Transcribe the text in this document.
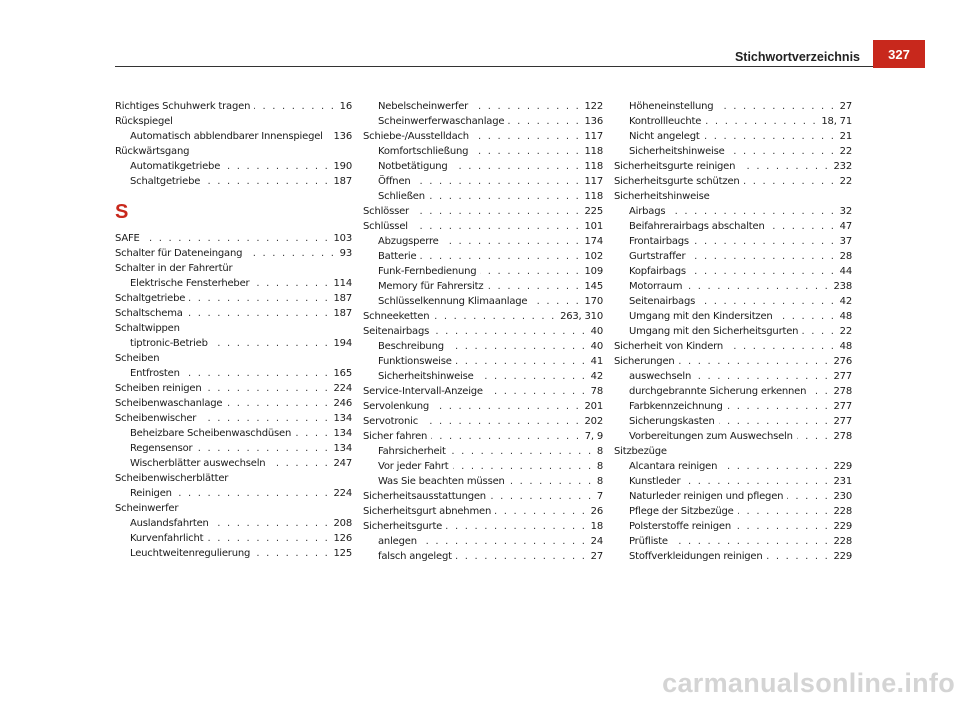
Stichwortverzeichnis	327
Richtiges Schuhwerk tragen . . .	16
Rückspiegel
Automatisch abblendbarer Innenspiegel . . . 136
Rückwärtsgang
Automatikgetriebe . . .	190
Schaltgetriebe . . .	187
S
SAFE . . .	103
Schalter für Dateneingang . . .	93
Schalter in der Fahrertür
Elektrische Fensterheber . . .	114
Schaltgetriebe . . .	187
Schaltschema . . .	187
Schaltwippen
tiptronic-Betrieb . . .	194
Scheiben
Entfrosten . . .	165
Scheiben reinigen . . .	224
Scheibenwaschanlage . . .	246
Scheibenwischer . . .	134
Beheizbare Scheibenwaschdüsen . . .	134
Regensensor . . .	134
Wischerblätter auswechseln . . .	247
Scheibenwischerblätter
Reinigen . . .	224
Scheinwerfer
Auslandsfahrten . . .	208
Kurvenfahrlicht . . .	126
Leuchtweitenregulierung . . .	125
Nebelscheinwerfer . . .	122
Scheinwerferwaschanlage . . .	136
Schiebe-/Ausstelldach . . .	117
Komfortschließung . . .	118
Notbetätigung . . .	118
Öffnen . . .	117
Schließen . . .	118
Schlösser . . .	225
Schlüssel . . .	101
Abzugsperre . . .	174
Batterie . . .	102
Funk-Fernbedienung . . .	109
Memory für Fahrersitz . . .	145
Schlüsselkennung Klimaanlage . . .	170
Schneeketten . . .	263, 310
Seitenairbags . . .	40
Beschreibung . . .	40
Funktionsweise . . .	41
Sicherheitshinweise . . .	42
Service-Intervall-Anzeige . . .	78
Servolenkung . . .	201
Servotronic . . .	202
Sicher fahren . . .	7, 9
Fahrsicherheit . . .	8
Vor jeder Fahrt . . .	8
Was Sie beachten müssen . . .	8
Sicherheitsausstattungen . . .	7
Sicherheitsgurt abnehmen . . .	26
Sicherheitsgurte . . .	18
anlegen . . .	24
falsch angelegt . . .	27
Höheneinstellung . . .	27
Kontrollleuchte . . .	18, 71
Nicht angelegt . . .	21
Sicherheitshinweise . . .	22
Sicherheitsgurte reinigen . . .	232
Sicherheitsgurte schützen . . .	22
Sicherheitshinweise
Airbags . . .	32
Beifahrerairbags abschalten . . .	47
Frontairbags . . .	37
Gurtstraffer . . .	28
Kopfairbags . . .	44
Motorraum . . .	238
Seitenairbags . . .	42
Umgang mit den Kindersitzen . . .	48
Umgang mit den Sicherheitsgurten . . .	22
Sicherheit von Kindern . . .	48
Sicherungen . . .	276
auswechseln . . .	277
durchgebrannte Sicherung erkennen . . .	278
Farbkennzeichnung . . .	277
Sicherungskasten . . .	277
Vorbereitungen zum Auswechseln . . .	278
Sitzbezüge
Alcantara reinigen . . .	229
Kunstleder . . .	231
Naturleder reinigen und pflegen . . .	230
Pflege der Sitzbezüge . . .	228
Polsterstoffe reinigen . . .	229
Prüfliste . . .	228
Stoffverkleidungen reinigen . . .	229
carmanualsonline.info
